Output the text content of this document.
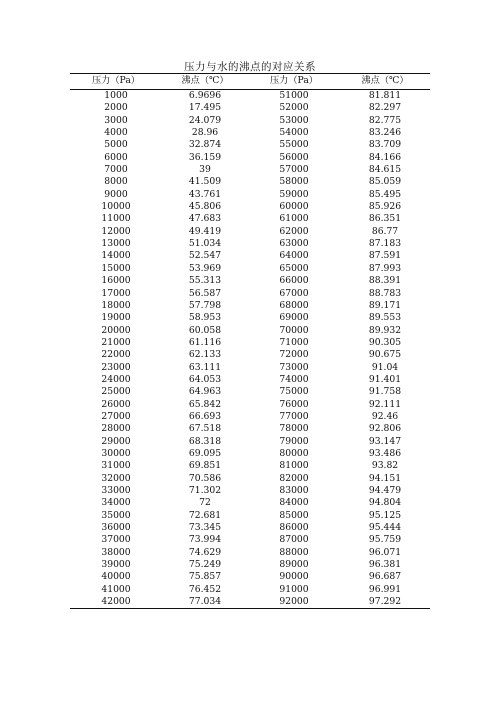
压力与水的沸点的对应关系
压力（Pa）	沸点（℃）	压力（Pa）	沸点（℃）
1000	6.9696	51000	81.811
2000	17.495	52000	82.297
3000	24.079	53000	82.775
4000	28.96	54000	83.246
5000	32.874	55000	83.709
6000	36.159	56000	84.166
7000	39	57000	84.615
8000	41.509	58000	85.059
9000	43.761	59000	85.495
10000	45.806	60000	85.926
11000	47.683	61000	86.351
12000	49.419	62000	86.77
13000	51.034	63000	87.183
14000	52.547	64000	87.591
15000	53.969	65000	87.993
16000	55.313	66000	88.391
17000	56.587	67000	88.783
18000	57.798	68000	89.171
19000	58.953	69000	89.553
20000	60.058	70000	89.932
21000	61.116	71000	90.305
22000	62.133	72000	90.675
23000	63.111	73000	91.04
24000	64.053	74000	91.401
25000	64.963	75000	91.758
26000	65.842	76000	92.111
27000	66.693	77000	92.46
28000	67.518	78000	92.806
29000	68.318	79000	93.147
30000	69.095	80000	93.486
31000	69.851	81000	93.82
32000	70.586	82000	94.151
33000	71.302	83000	94.479
34000	72	84000	94.804
35000	72.681	85000	95.125
36000	73.345	86000	95.444
37000	73.994	87000	95.759
38000	74.629	88000	96.071
39000	75.249	89000	96.381
40000	75.857	90000	96.687
41000	76.452	91000	96.991
42000	77.034	92000	97.292
